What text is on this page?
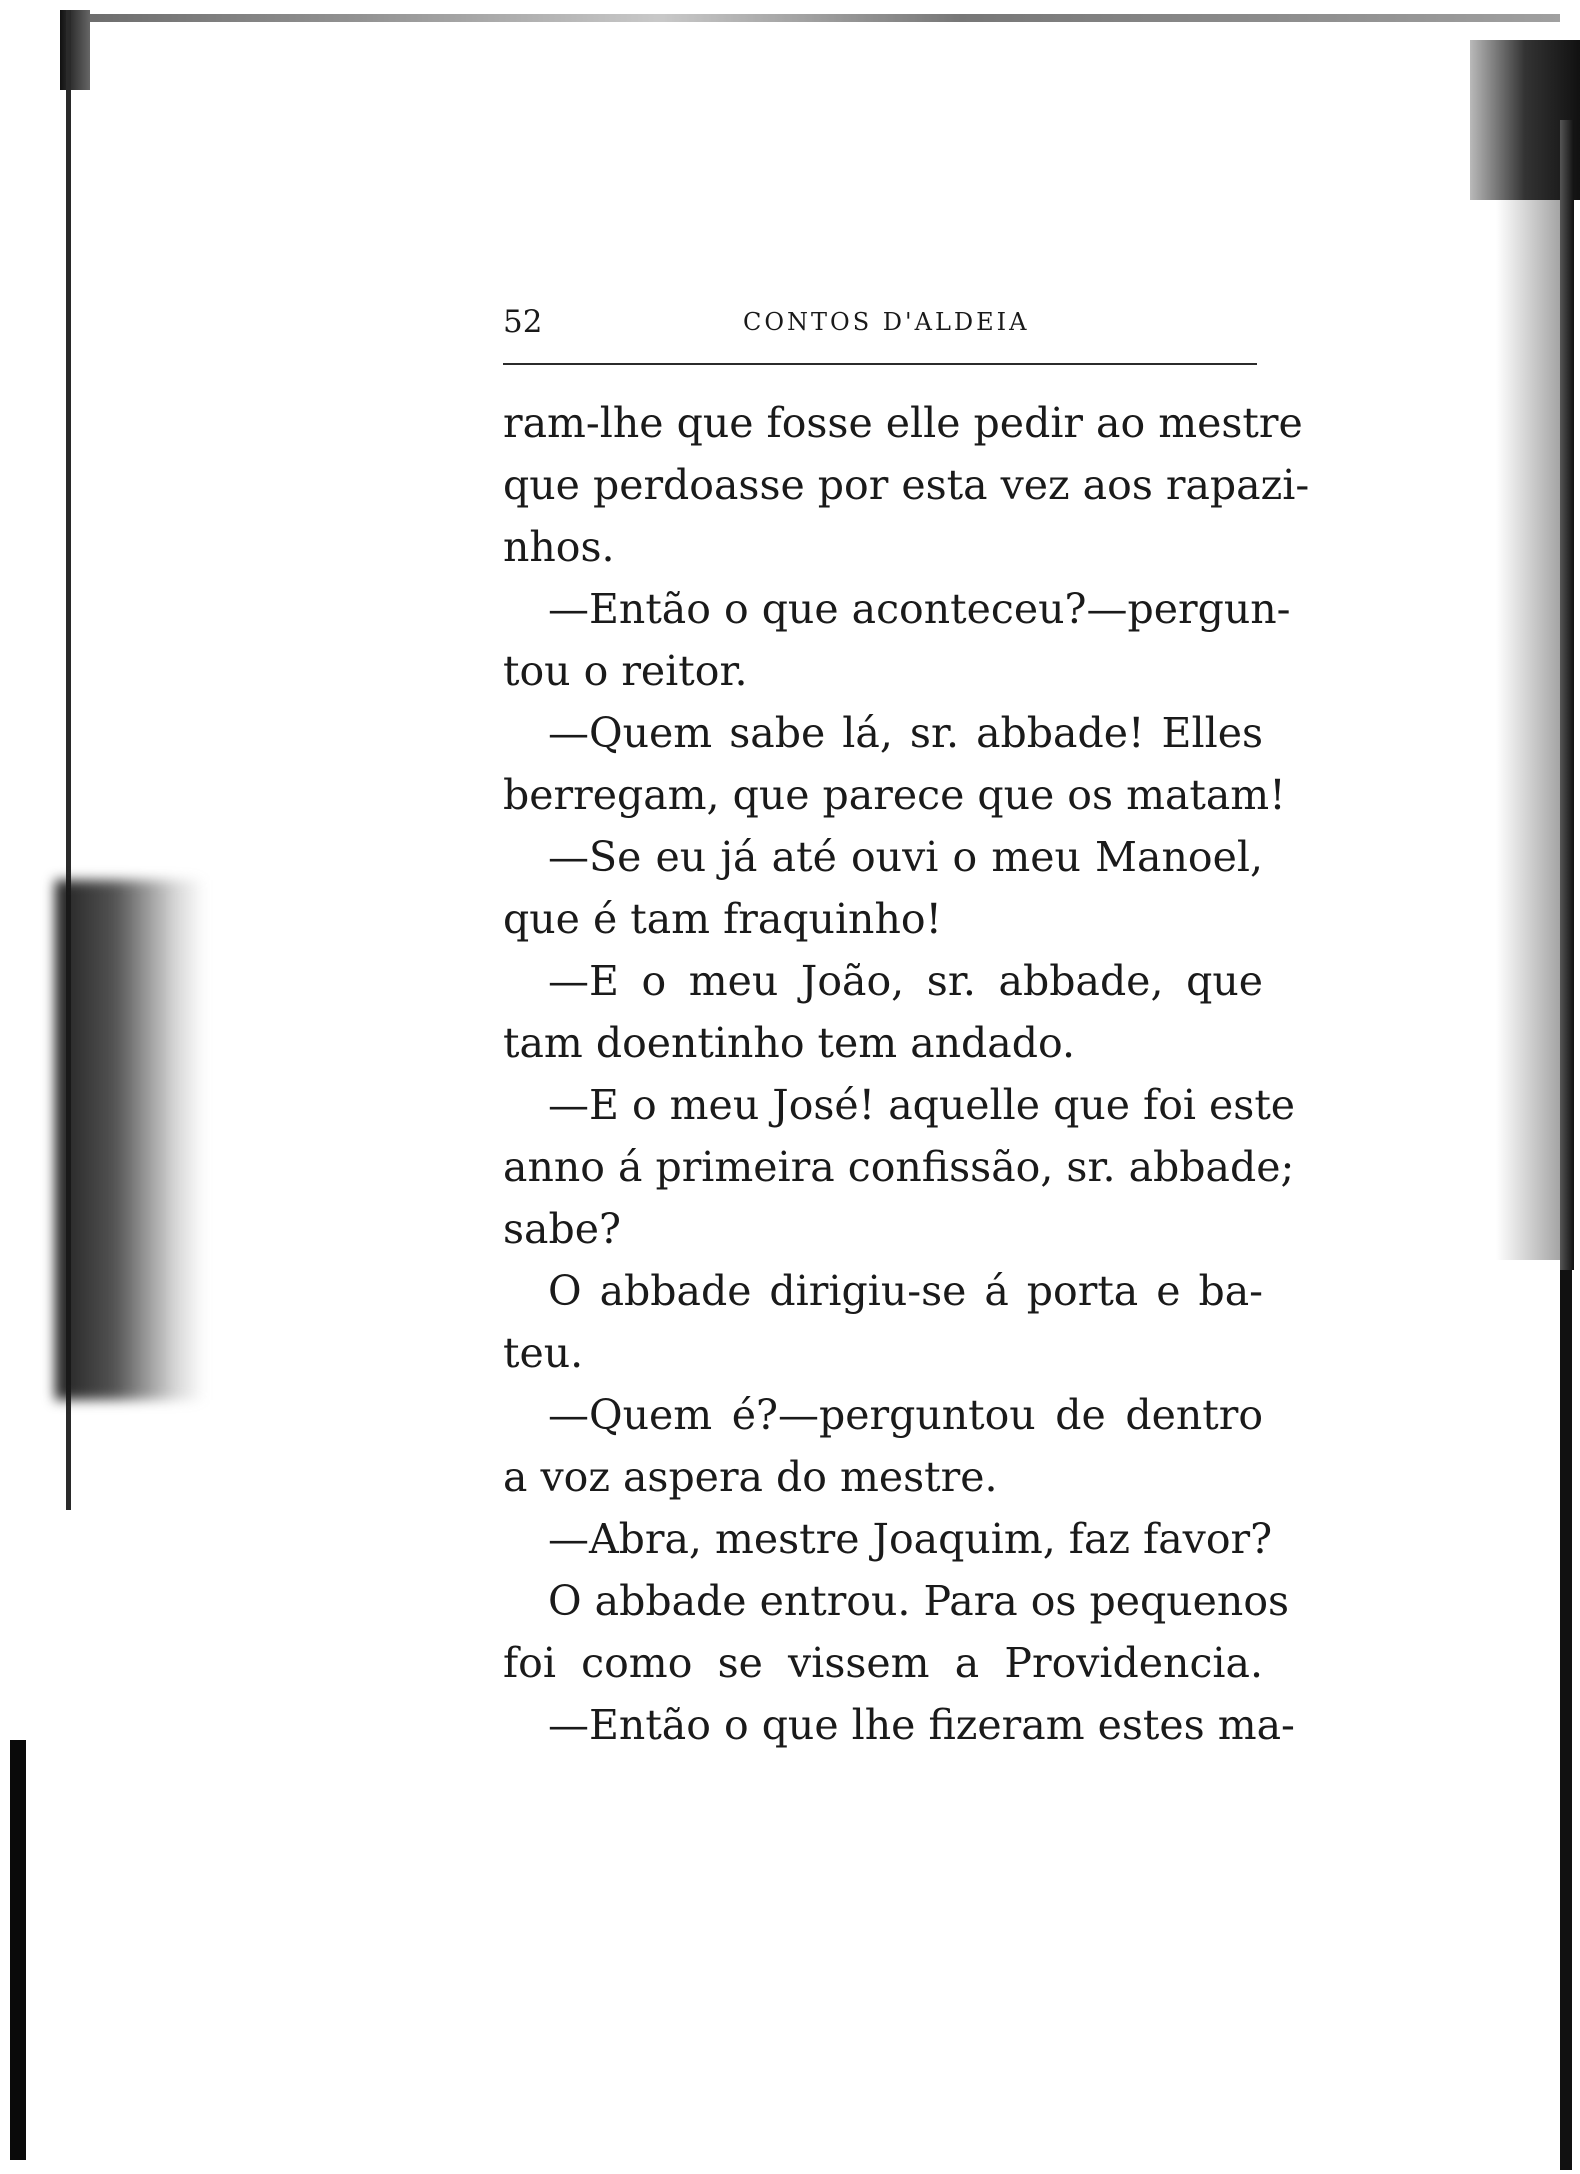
52	CONTOS D'ALDEIA
ram-lhe que fosse elle pedir ao mestre
que perdoasse por esta vez aos rapazi-
nhos.
—Então o que aconteceu?—pergun-
tou o reitor.
—Quem sabe lá, sr. abbade! Elles
berregam, que parece que os matam!
—Se eu já até ouvi o meu Manoel,
que é tam fraquinho!
—E o meu João, sr. abbade, que
tam doentinho tem andado.
—E o meu José! aquelle que foi este
anno á primeira confissão, sr. abbade;
sabe?
O abbade dirigiu-se á porta e ba-
teu.
—Quem é?—perguntou de dentro
a voz aspera do mestre.
—Abra, mestre Joaquim, faz favor?
O abbade entrou. Para os pequenos
foi como se vissem a Providencia.
—Então o que lhe fizeram estes ma-
